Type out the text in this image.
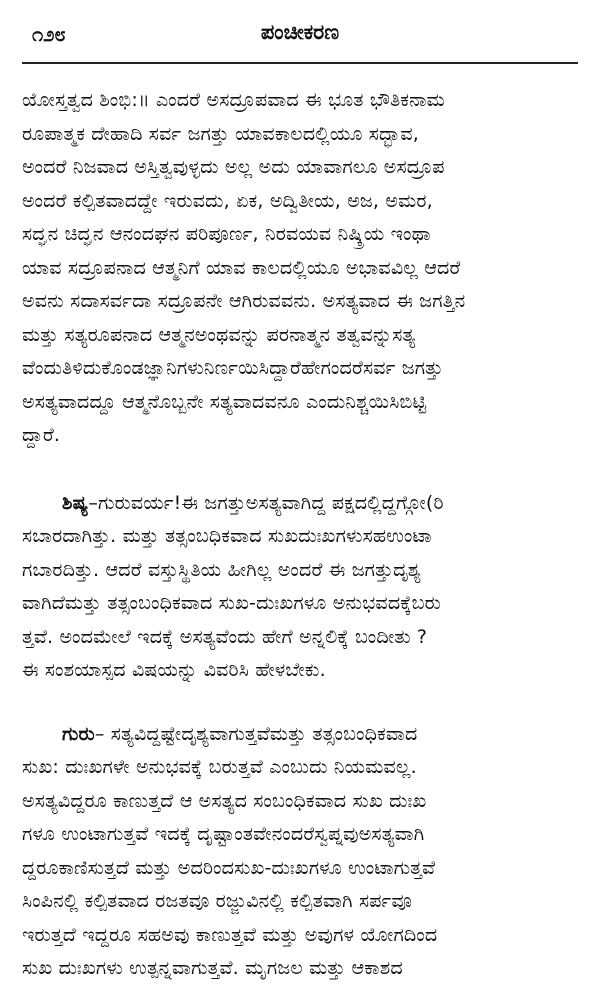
೧೨೮	ಪಂಚೀಕರಣ
ಯೋಸ್ತತ್ವದ ಶಿಂಭಿ:॥ ಎಂದರೆ ಅಸದ್ರೂಪವಾದ ಈ ಭೂತ ಭೌತಿಕನಾಮ
ರೂಪಾತ್ಮಕ ದೇಹಾದಿ ಸರ್ವ ಜಗತ್ತು ಯಾವಕಾಲದಲ್ಲಿಯೂ ಸದ್ಭಾವ,
ಅಂದರೆ ನಿಜವಾದ ಅಸ್ತಿತ್ವವುಳ್ಳದು ಅಲ್ಲ ಅದು ಯಾವಾಗಲೂ ಅಸದ್ರೂಪ
ಅಂದರೆ ಕಲ್ಪಿತವಾದದ್ದೇ ಇರುವದು, ಏಕ, ಅದ್ವಿತೀಯ, ಅಜ, ಅಮರ,
ಸದ್ಘನ ಚಿದ್ಘನ ಆನಂದಘನ ಪರಿಪೂರ್ಣ, ನಿರವಯವ ನಿಷ್ಕ್ರಿಯ ಇಂಥಾ
ಯಾವ ಸದ್ರೂಪನಾದ ಆತ್ಮನಿಗೆ ಯಾವ ಕಾಲದಲ್ಲಿಯೂ ಅಭಾವವಿಲ್ಲ ಆದರೆ
ಅವನು ಸದಾಸರ್ವದಾ ಸದ್ರೂಪನೇ ಆಗಿರುವವನು. ಅಸತ್ಯವಾದ ಈ ಜಗತ್ತಿನ
ಮತ್ತು ಸತ್ಯರೂಪನಾದ ಆತ್ಮನಅಂಥವನ್ನು ಪರನಾತ್ಮನ ತತ್ವವನ್ನುಸತ್ಯ
ವೆಂದುತಿಳಿದುಕೊಂಡಜ್ಞಾನಿಗಳುನಿರ್ಣಯಿಸಿದ್ದಾರೆಹೇಗಂದರೆಸರ್ವ ಜಗತ್ತು
ಅಸತ್ಯವಾದದ್ದೂ ಆತ್ಮನೊಬ್ಬನೇ ಸತ್ಯವಾದವನೂ ಎಂದುನಿಶ್ಚಯಿಸಿಬಿಟ್ಟಿ
ದ್ದಾರೆ.
ಶಿಷ್ಯ–ಗುರುವರ್ಯ!ಈ ಜಗತ್ತುಅಸತ್ಯವಾಗಿದ್ದ ಪಕ್ಷದಲ್ಲಿದ್ದಗ್ಗೋ(ರಿ
ಸಬಾರದಾಗಿತ್ತು. ಮತ್ತು ತತ್ಸಂಬಧಿಕವಾದ ಸುಖದುಃಖಗಳುಸಹಉಂಟಾ
ಗಬಾರದಿತ್ತು. ಆದರೆ ವಸ್ತುಸ್ಥಿತಿಯ ಹೀಗಿಲ್ಲ ಅಂದರೆ ಈ ಜಗತ್ತುದೃಶ್ಯ
ವಾಗಿದೆಮತ್ತು ತತ್ಸಂಬಂಧಿಕವಾದ ಸುಖ-ದುಃಖಗಳೂ ಅನುಭವದಕ್ಕೆಬರು
ತ್ತವೆ. ಅಂದಮೇಲೆ ಇದಕ್ಕೆ ಅಸತ್ಯವೆಂದು ಹೇಗೆ ಅನ್ನಲಿಕ್ಕೆ ಬಂದೀತು ?
ಈ ಸಂಶಯಾಸ್ಪದ ವಿಷಯನ್ನು ವಿವರಿಸಿ ಹೇಳಬೇಕು.
ಗುರು– ಸತ್ಯವಿದ್ದಷ್ಟೇದೃಶ್ಯವಾಗುತ್ತವೆಮತ್ತು ತತ್ಸಂಬಂಧಿಕವಾದ
ಸುಖ: ದುಃಖಗಳೇ ಅನುಭವಕ್ಕೆ ಬರುತ್ತವೆ ಎಂಬುದು ನಿಯಮವಲ್ಲ.
ಅಸತ್ಯವಿದ್ದರೂ ಕಾಣುತ್ತದೆ ಆ ಅಸತ್ಯದ ಸಂಬಂಧಿಕವಾದ ಸುಖ ದುಃಖ
ಗಳೂ ಉಂಟಾಗುತ್ತವೆ ಇದಕ್ಕೆ ದೃಷ್ಟಾಂತವೇನಂದರೆಸ್ವಪ್ನವುಅಸತ್ಯವಾಗಿ
ದ್ದರೂಕಾಣಿಸುತ್ತದೆ ಮತ್ತು ಅದರಿಂದಸುಖ-ದುಃಖಗಳೂ ಉಂಟಾಗುತ್ತವೆ
ಸಿಂಪಿನಲ್ಲಿ ಕಲ್ಪಿತವಾದ ರಜತವೂ ರಜ್ಜುವಿನಲ್ಲಿ ಕಲ್ಪಿತವಾಗಿ ಸರ್ಪವೂ
ಇರುತ್ತದೆ ಇದ್ದರೂ ಸಹಅವು ಕಾಣುತ್ತವೆ ಮತ್ತು ಅವುಗಳ ಯೋಗದಿಂದ
ಸುಖ ದುಃಖಗಳು ಉತ್ಪನ್ನವಾಗುತ್ತವೆ. ಮೃಗಜಲ ಮತ್ತು ಆಕಾಶದ
